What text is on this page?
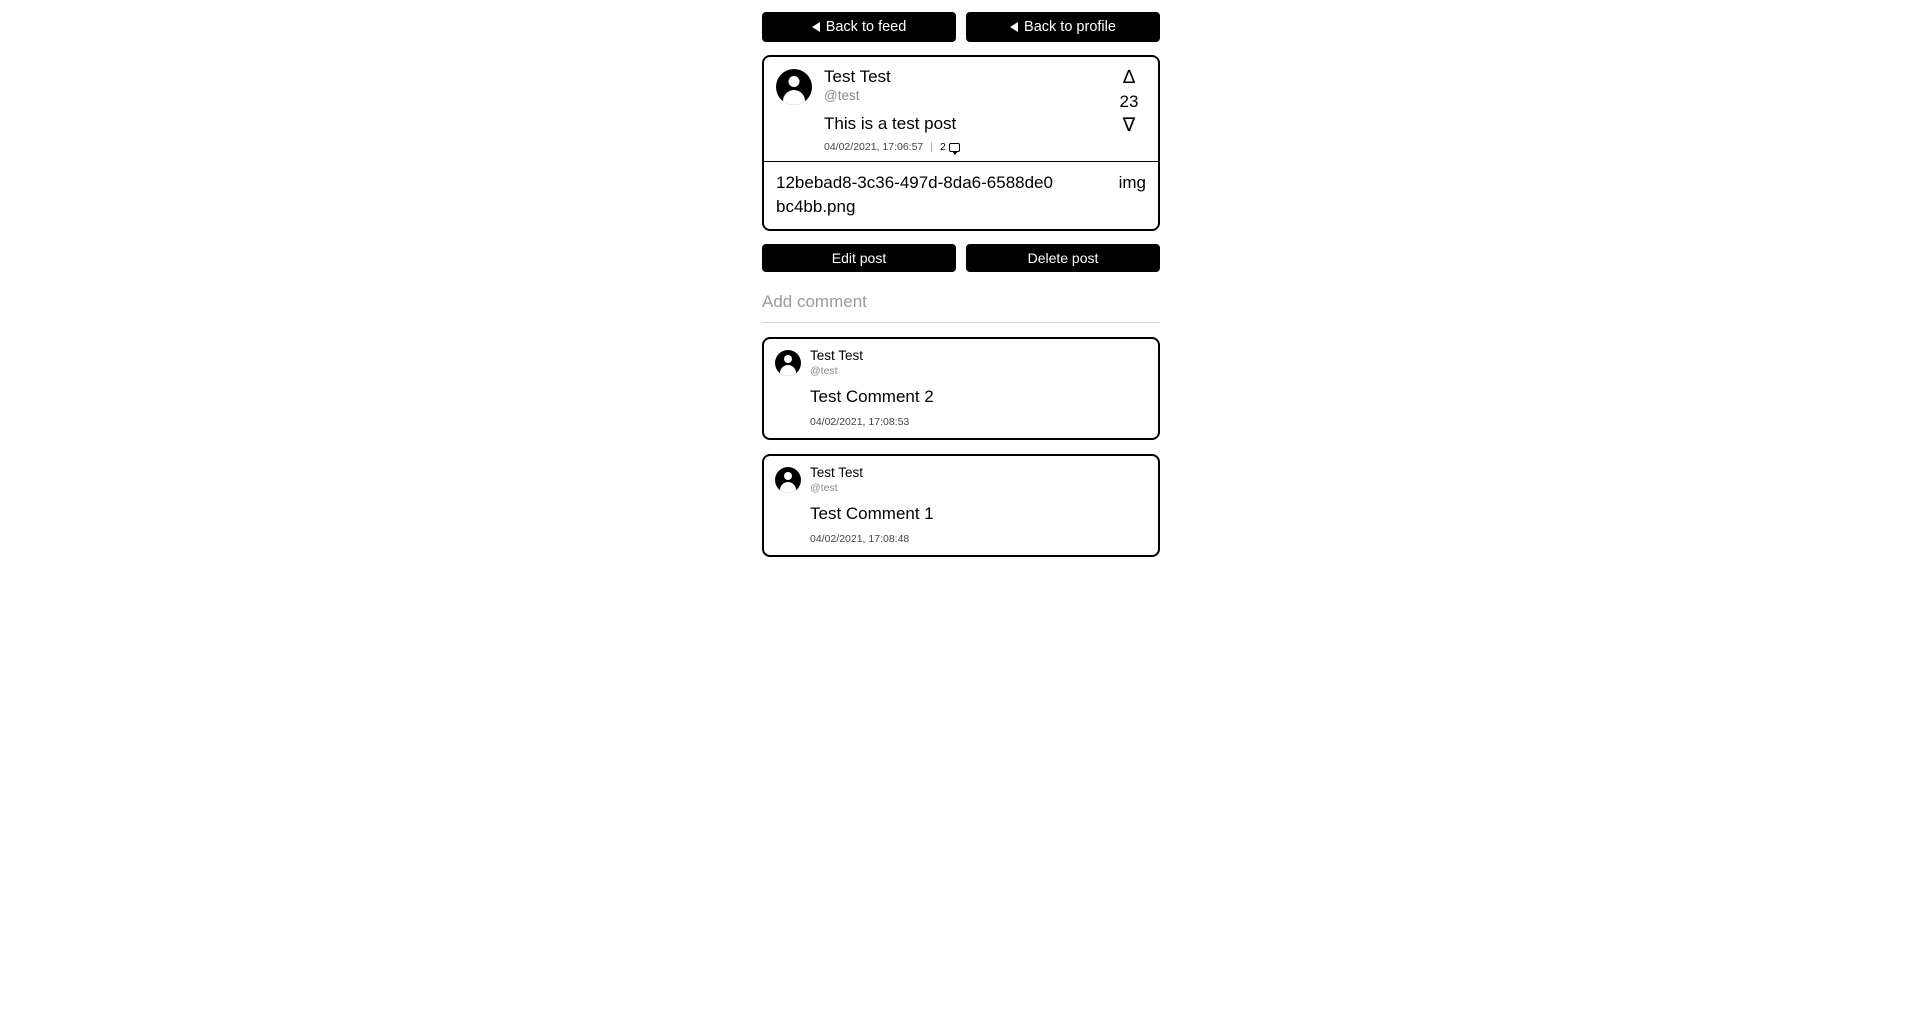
Back to feed	Back to profile
Test Test
@test
This is a test post
04/02/2021, 17:06:57 | 2
∆
23
∇
12bebad8-3c36-497d-8da6-6588de0bc4bb.png
img
Edit post	Delete post
Add comment
Test Test
@test
Test Comment 2
04/02/2021, 17:08:53
Test Test
@test
Test Comment 1
04/02/2021, 17:08:48
